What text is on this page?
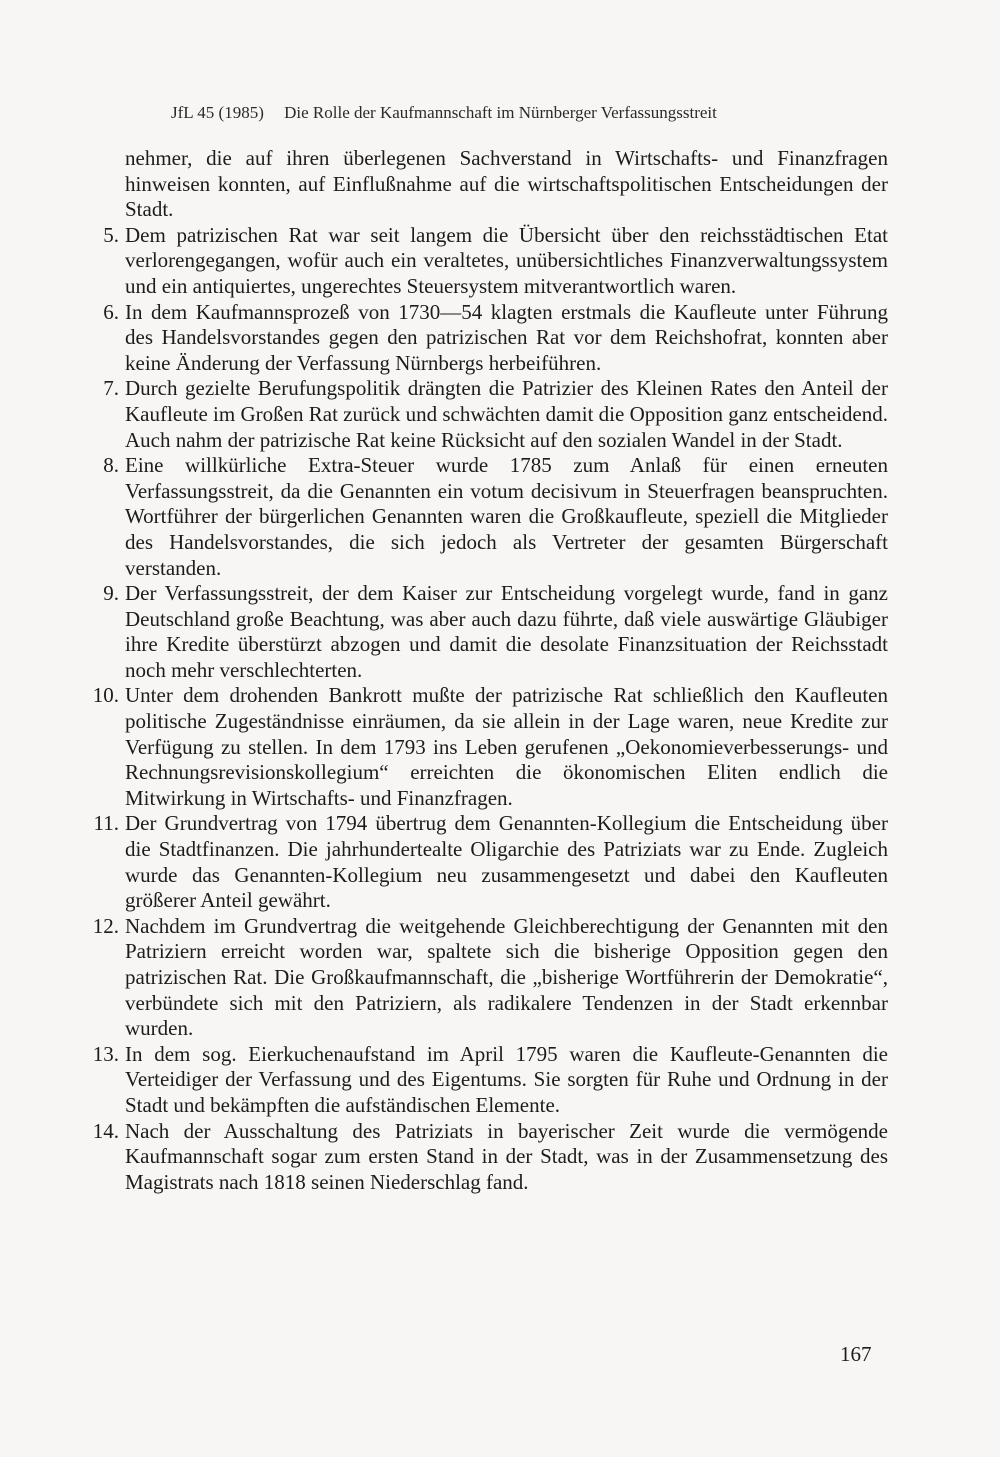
JfL 45 (1985) Die Rolle der Kaufmannschaft im Nürnberger Verfassungsstreit

nehmer, die auf ihren überlegenen Sachverstand in Wirtschafts- und Finanzfragen hinweisen konnten, auf Einflußnahme auf die wirtschaftspolitischen Entscheidungen der Stadt.

5. Dem patrizischen Rat war seit langem die Übersicht über den reichsstädtischen Etat verlorengegangen, wofür auch ein veraltetes, unübersichtliches Finanzverwaltungssystem und ein antiquiertes, ungerechtes Steuersystem mitverantwortlich waren.

6. In dem Kaufmannsprozeß von 1730—54 klagten erstmals die Kaufleute unter Führung des Handelsvorstandes gegen den patrizischen Rat vor dem Reichshofrat, konnten aber keine Änderung der Verfassung Nürnbergs herbeiführen.

7. Durch gezielte Berufungspolitik drängten die Patrizier des Kleinen Rates den Anteil der Kaufleute im Großen Rat zurück und schwächten damit die Opposition ganz entscheidend. Auch nahm der patrizische Rat keine Rücksicht auf den sozialen Wandel in der Stadt.

8. Eine willkürliche Extra-Steuer wurde 1785 zum Anlaß für einen erneuten Verfassungsstreit, da die Genannten ein votum decisivum in Steuerfragen beanspruchten. Wortführer der bürgerlichen Genannten waren die Großkaufleute, speziell die Mitglieder des Handelsvorstandes, die sich jedoch als Vertreter der gesamten Bürgerschaft verstanden.

9. Der Verfassungsstreit, der dem Kaiser zur Entscheidung vorgelegt wurde, fand in ganz Deutschland große Beachtung, was aber auch dazu führte, daß viele auswärtige Gläubiger ihre Kredite überstürzt abzogen und damit die desolate Finanzsituation der Reichsstadt noch mehr verschlechterten.

10. Unter dem drohenden Bankrott mußte der patrizische Rat schließlich den Kaufleuten politische Zugeständnisse einräumen, da sie allein in der Lage waren, neue Kredite zur Verfügung zu stellen. In dem 1793 ins Leben gerufenen „Oekonomieverbesserungs- und Rechnungsrevisionskollegium“ erreichten die ökonomischen Eliten endlich die Mitwirkung in Wirtschafts- und Finanzfragen.

11. Der Grundvertrag von 1794 übertrug dem Genannten-Kollegium die Entscheidung über die Stadtfinanzen. Die jahrhundertealte Oligarchie des Patriziats war zu Ende. Zugleich wurde das Genannten-Kollegium neu zusammengesetzt und dabei den Kaufleuten größerer Anteil gewährt.

12. Nachdem im Grundvertrag die weitgehende Gleichberechtigung der Genannten mit den Patriziern erreicht worden war, spaltete sich die bisherige Opposition gegen den patrizischen Rat. Die Großkaufmannschaft, die „bisherige Wortführerin der Demokratie“, verbündete sich mit den Patriziern, als radikalere Tendenzen in der Stadt erkennbar wurden.

13. In dem sog. Eierkuchenaufstand im April 1795 waren die Kaufleute-Genannten die Verteidiger der Verfassung und des Eigentums. Sie sorgten für Ruhe und Ordnung in der Stadt und bekämpften die aufständischen Elemente.

14. Nach der Ausschaltung des Patriziats in bayerischer Zeit wurde die vermögende Kaufmannschaft sogar zum ersten Stand in der Stadt, was in der Zusammensetzung des Magistrats nach 1818 seinen Niederschlag fand.

167
